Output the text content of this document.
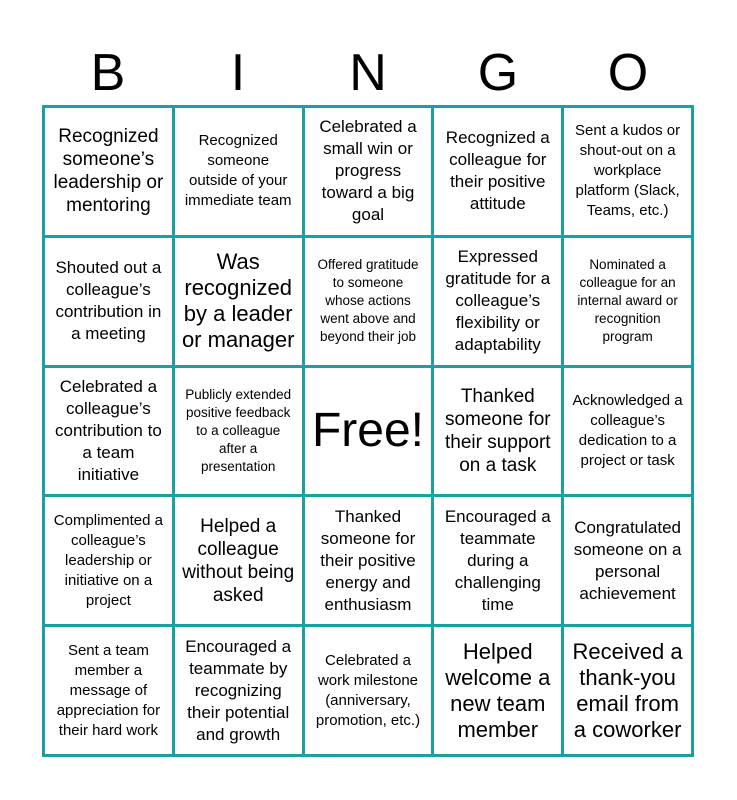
B	I	N	G	O
Recognized someone’s leadership or mentoring
Recognized someone outside of your immediate team
Celebrated a small win or progress toward a big goal
Recognized a colleague for their positive attitude
Sent a kudos or shout-out on a workplace platform (Slack, Teams, etc.)
Shouted out a colleague’s contribution in a meeting
Was recognized by a leader or manager
Offered gratitude to someone whose actions went above and beyond their job
Expressed gratitude for a colleague’s flexibility or adaptability
Nominated a colleague for an internal award or recognition program
Celebrated a colleague’s contribution to a team initiative
Publicly extended positive feedback to a colleague after a presentation
Free!
Thanked someone for their support on a task
Acknowledged a colleague’s dedication to a project or task
Complimented a colleague’s leadership or initiative on a project
Helped a colleague without being asked
Thanked someone for their positive energy and enthusiasm
Encouraged a teammate during a challenging time
Congratulated someone on a personal achievement
Sent a team member a message of appreciation for their hard work
Encouraged a teammate by recognizing their potential and growth
Celebrated a work milestone (anniversary, promotion, etc.)
Helped welcome a new team member
Received a thank-you email from a coworker
